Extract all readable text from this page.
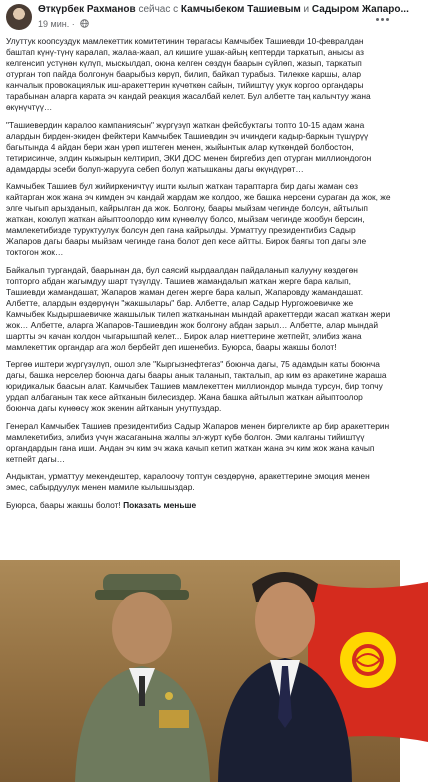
Өткүрбек Рахманов сейчас с Камчыбеком Ташиевым и Садыром Жапаро...
19 мин. ·

Улуттук коопсуздук мамлекеттик комитетинин төрагасы Камчыбек Ташиевди 10-февралдан баштап күнү-түнү каралап, жалаа-жаап, ал кишиге ушак-айың кептерди таркатып, анысы аз келгенсип устүнөн күлүп, мыскылдап, оюна келген сөздүн баарын сүйлөп, жазып, таркатып отурган топ пайда болгонун баарыбыз көрүп, билип, байкап турабыз. Тилекке каршы, алар канчалык провокациялык иш-аракеттерин күчөткөн сайын, тийиштүү укук коргоо органдары тарабынан аларга карата эч кандай реакция жасалбай келет. Бул албетте таң калычтуу жана өкүнүчтүү…

"Ташиевердин каралоо кампаниясын" жүргүзүп жаткан фейсбуктагы топто 10-15 адам жана алардын бирден-экиден фейктери Камчыбек Ташиевдин эч ичиндеги кадыр-баркын түшүрүү багытында 4 айдан бери жан үрөп иштеген менен, жыйынтык алар күткөндөй болбостон, тетирисинче, элдин кыжырын келтирип, ЭКИ ДОС менен биргебиз деп отурган миллиондогон адамдарды эсеби болуп-жарууга себеп болуп жатышканы дагы өкүндүрөт…

Камчыбек Ташиев бул жийиркеничтүү ишти кылып жаткан тараптарга бир дагы жаман сөз кайтарган жок жана эч кимден эч кандай жардам же колдоо, же башка нерсени сураган да жок, же элге чыгып арызданып, кайрылган да жок. Болгону, баары мыйзам чегинде болсун, айтылып жаткан, коюлуп жаткан айыптоолордо ким күнөөлүү болсо, мыйзам чегинде жообун берсин, мамлекетибизде туруктуулук болсун деп гана кайрылды. Урматтуу президентибиз Садыр Жапаров дагы баары мыйзам чегинде гана болот деп кесе айтты. Бирок баягы топ дагы эле токтогон жок…

Байкалып тургандай, баарынан да, бул саясий кырдаалдан пайдаланып калууну көздөгөн топторго абдан жагымдуу шарт түзүлдү. Ташиев жамандалып жаткан жерге бара калып, Ташиевди жамандашат, Жапаров жаман деген жерге бара калып, Жапаровду жамандашат. Албетте, алардын өздөрүнүн "жакшылары" бар. Албетте, алар Садыр Нургожоевичке же Камчыбек Кыдыршаевичке жакшылык тилеп жатканынан мындай аракеттерди жасап жаткан жери жок… Албетте, аларга Жапаров-Ташиевдин жок болгону абдан зарыл… Албетте, алар мындай шартты эч качан колдон чыгарышпай келет... Бирок алар ниеттерине жетпейт, элибиз жана мамлекеттик органдар ага жол бербейт деп ишенебиз. Буюрса, баары жакшы болот!

Тергөө иштери жүргүзүлүп, ошол эле "Кыргызнефтегаз" боюнча дагы, 75 адамдын каты боюнча дагы, башка нерселер боюнча дагы баары анык таланып, такталып, ар ким өз аракетине жараша юридикалык баасын алат. Камчыбек Ташиев мамлекеттен миллиондор мында турсун, бир топчу урдап албаганын так кесе айтканын билесиздер. Жана башка айтылып жаткан айыптоолор боюнча дагы күнөөсү жок экенин айтканын унутпуздар.

Генерал Камчыбек Ташиев президентибиз Садыр Жапаров менен биргеликте ар бир аракеттерин мамлекетибиз, элибиз үчүн жасаганына жалпы эл-журт күбө болгон. Эми калганы тийиштүү органдардын гана иши. Андан эч ким эч жака качып кетип жаткан жана эч ким жок жана качып кетпейт дагы…

Андыктан, урматтуу мекендештер, каралоочу топтун сөздөрүнө, аракеттерине эмоция менен эмес, сабырдуулук менен мамиле кылышыздар.

Буюрса, баары жакшы болот! Показать меньше
